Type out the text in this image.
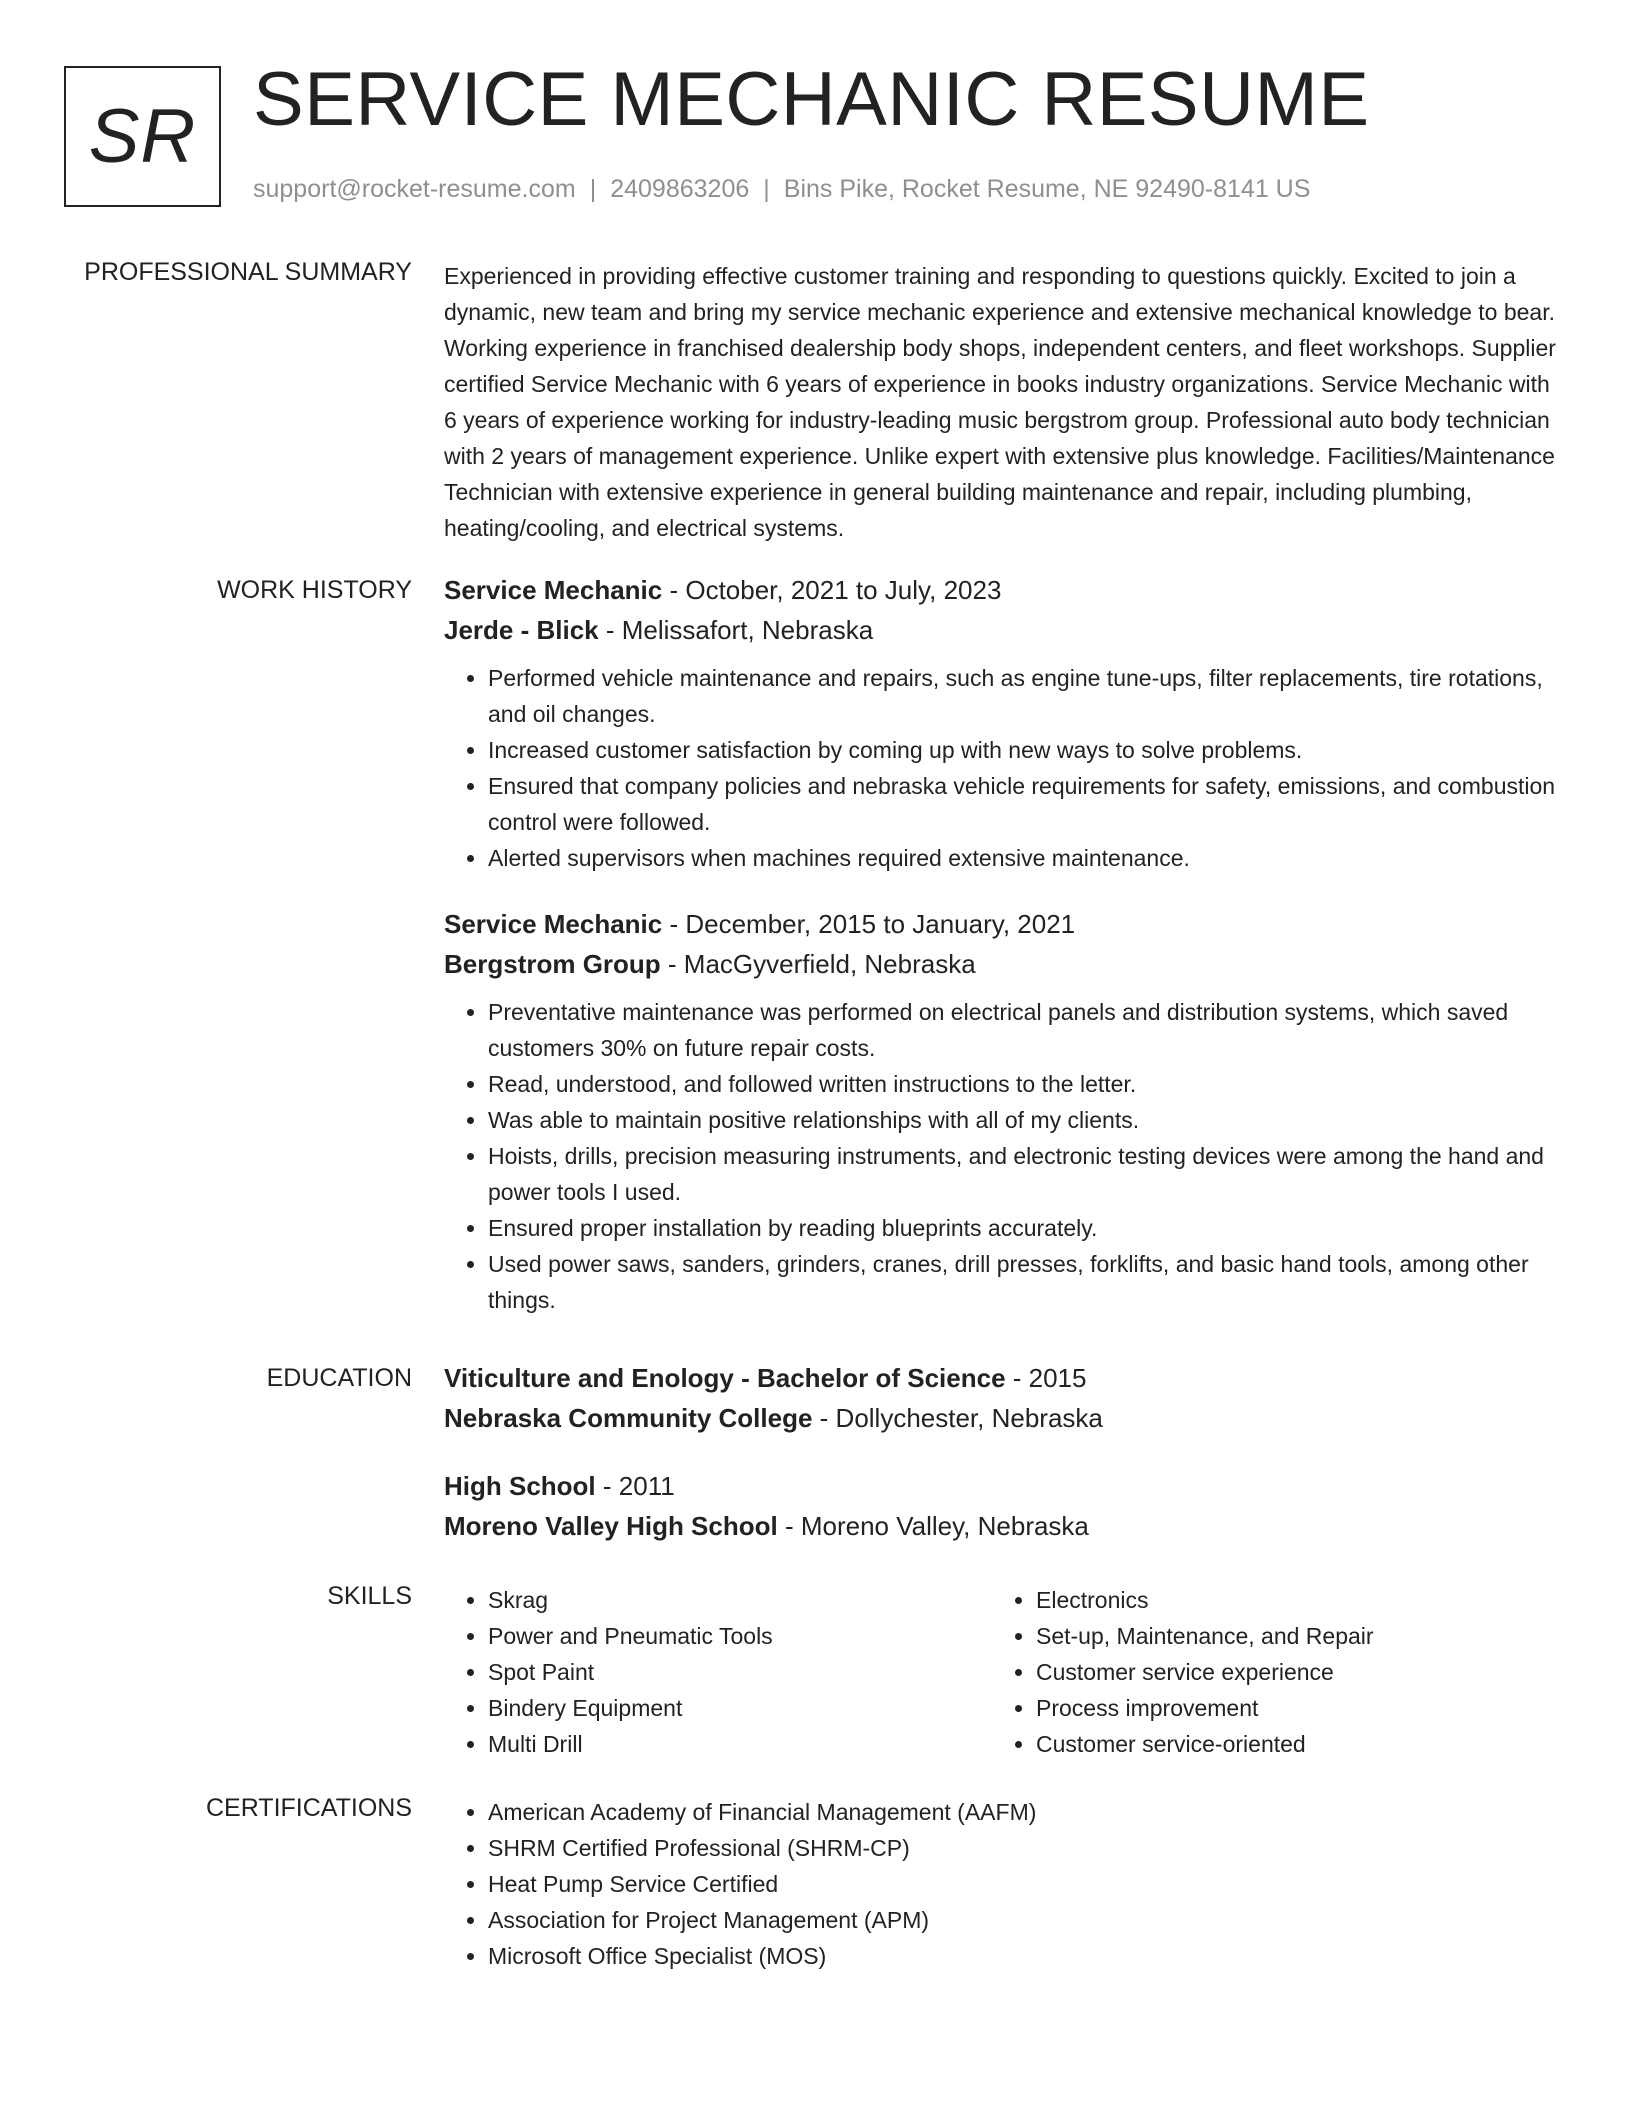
SR SERVICE MECHANIC RESUME
support@rocket-resume.com | 2409863206 | Bins Pike, Rocket Resume, NE 92490-8141 US
PROFESSIONAL SUMMARY Experienced in providing effective customer training and responding to questions quickly. Excited to join a dynamic, new team and bring my service mechanic experience and extensive mechanical knowledge to bear. Working experience in franchised dealership body shops, independent centers, and fleet workshops. Supplier certified Service Mechanic with 6 years of experience in books industry organizations. Service Mechanic with 6 years of experience working for industry-leading music bergstrom group. Professional auto body technician with 2 years of management experience. Unlike expert with extensive plus knowledge. Facilities/Maintenance Technician with extensive experience in general building maintenance and repair, including plumbing, heating/cooling, and electrical systems.

WORK HISTORY Service Mechanic - October, 2021 to July, 2023
Jerde - Blick - Melissafort, Nebraska
• Performed vehicle maintenance and repairs, such as engine tune-ups, filter replacements, tire rotations, and oil changes.
• Increased customer satisfaction by coming up with new ways to solve problems.
• Ensured that company policies and nebraska vehicle requirements for safety, emissions, and combustion control were followed.
• Alerted supervisors when machines required extensive maintenance.
Service Mechanic - December, 2015 to January, 2021
Bergstrom Group - MacGyverfield, Nebraska
• Preventative maintenance was performed on electrical panels and distribution systems, which saved customers 30% on future repair costs.
• Read, understood, and followed written instructions to the letter.
• Was able to maintain positive relationships with all of my clients.
• Hoists, drills, precision measuring instruments, and electronic testing devices were among the hand and power tools I used.
• Ensured proper installation by reading blueprints accurately.
• Used power saws, sanders, grinders, cranes, drill presses, forklifts, and basic hand tools, among other things.
EDUCATION Viticulture and Enology - Bachelor of Science - 2015
Nebraska Community College - Dollychester, Nebraska
High School - 2011
Moreno Valley High School - Moreno Valley, Nebraska
SKILLS	• Skrag
• Power and Pneumatic Tools
• Spot Paint
• Bindery Equipment
• Multi Drill
• Electronics
• Set-up, Maintenance, and Repair
• Customer service experience
• Process improvement
• Customer service-oriented
CERTIFICATIONS	• American Academy of Financial Management (AAFM)
• SHRM Certified Professional (SHRM-CP)
• Heat Pump Service Certified
• Association for Project Management (APM)
• Microsoft Office Specialist (MOS)
